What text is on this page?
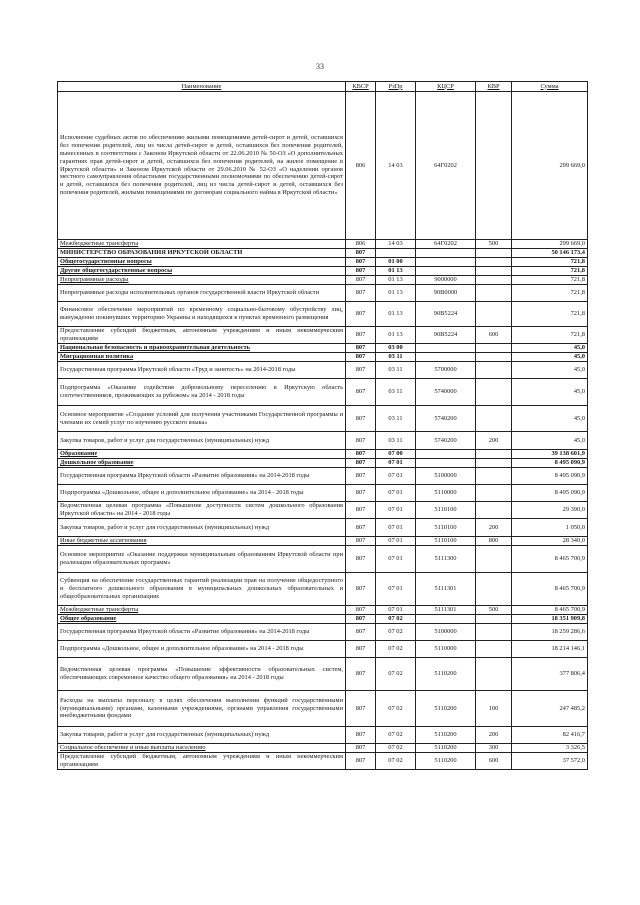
33
Наименование	КВСР	РзПр	КЦСР	КВР	Сумма
Исполнение судебных актов по обеспечению жилыми помещениями детей-сирот и детей, оставшихся без попечения родителей, лиц из числа детей-сирот и детей, оставшихся без попечения родителей, вынесенных в соответствии с Законом Иркутской области от 22.06.2010 № 50-ОЗ «О дополнительных гарантиях прав детей-сирот и детей, оставшихся без попечения родителей, на жилое помещение в Иркутской области» и Законом Иркутской области от 29.06.2010 № 52-ОЗ «О наделении органов местного самоуправления областными государственными полномочиями по обеспечению детей-сирот и детей, оставшихся без попечения родителей, лиц из числа детей-сирот и детей, оставшихся без попечения родителей, жилыми помещениями по договорам социального найма в Иркутской области»	806	14 03	64Г0202		299 669,0
Межбюджетные трансферты	806	14 03	64Г0202	500	299 669,0
МИНИСТЕРСТВО ОБРАЗОВАНИЯ ИРКУТСКОЙ ОБЛАСТИ	807				50 146 173,4
Общегосударственные вопросы	807	01 00			721,8
Другие общегосударственные вопросы	807	01 13			721,8
Непрограммные расходы	807	01 13	9000000		721,8
Непрограммные расходы исполнительных органов государственной власти Иркутской области	807	01 13	90В0000		721,8
Финансовое обеспечение мероприятий по временному социально-бытовому обустройству лиц, вынужденно покинувших территорию Украины и находящихся в пунктах временного размещения	807	01 13	90В5224		721,8
Предоставление субсидий бюджетным, автономным учреждениям и иным некоммерческим организациям	807	01 13	90В5224	600	721,8
Национальная безопасность и правоохранительная деятельность	807	03 00			45,0
Миграционная политика	807	03 11			45,0
Государственная программа Иркутской области «Труд и занятость» на 2014-2018 годы	807	03 11	5700000		45,0
Подпрограмма «Оказание содействия добровольному переселению в Иркутскую область соотечественников, проживающих за рубежом» на 2014 - 2018 годы	807	03 11	5740000		45,0
Основное мероприятие «Создание условий для получения участниками Государственной программы и членами их семей услуг по изучению русского языка»	807	03 11	5740200		45,0
Закупка товаров, работ и услуг для государственных (муниципальных) нужд	807	03 11	5740200	200	45,0
Образование	807	07 00			39 138 601,9
Дошкольное образование	807	07 01			8 495 090,9
Государственная программа Иркутской области «Развитие образования» на 2014-2018 годы	807	07 01	5100000		8 495 090,9
Подпрограмма «Дошкольное, общее и дополнительное образование» на 2014 - 2018 годы	807	07 01	5110000		8 495 090,9
Ведомственная целевая программа «Повышение доступности систем дошкольного образования Иркутской области» на 2014 - 2018 годы	807	07 01	5110100		29 390,0
Закупка товаров, работ и услуг для государственных (муниципальных) нужд	807	07 01	5110100	200	1 050,0
Иные бюджетные ассигнования	807	07 01	5110100	800	28 340,0
Основное мероприятие «Оказание поддержки муниципальным образованиям Иркутской области при реализации образовательных программ»	807	07 01	5111300		8 465 700,9
Субвенция на обеспечение государственных гарантий реализации прав на получение общедоступного и бесплатного дошкольного образования в муниципальных дошкольных образовательных и общеобразовательных организациях	807	07 01	5111301		8 465 700,9
Межбюджетные трансферты	807	07 01	5111301	500	8 465 700,9
Общее образование	807	07 02			18 351 909,8
Государственная программа Иркутской области «Развитие образования» на 2014-2018 годы	807	07 02	5100000		18 259 286,6
Подпрограмма «Дошкольное, общее и дополнительное образование» на 2014 - 2018 годы	807	07 02	5110000		18 214 146,1
Ведомственная целевая программа «Повышение эффективности образовательных систем, обеспечивающих современное качество общего образования» на 2014 - 2018 годы	807	07 02	5110200		377 806,4
Расходы на выплаты персоналу в целях обеспечения выполнения функций государственными (муниципальными) органами, казенными учреждениями, органами управления государственными внебюджетными фондами	807	07 02	5110200	100	247 485,2
Закупка товаров, работ и услуг для государственных (муниципальных) нужд	807	07 02	5110200	200	82 416,7
Социальное обеспечение и иные выплаты населению	807	07 02	5110200	300	3 326,5
Предоставление субсидий бюджетным, автономным учреждениям и иным некоммерческим организациям	807	07 02	5110200	600	37 572,0
